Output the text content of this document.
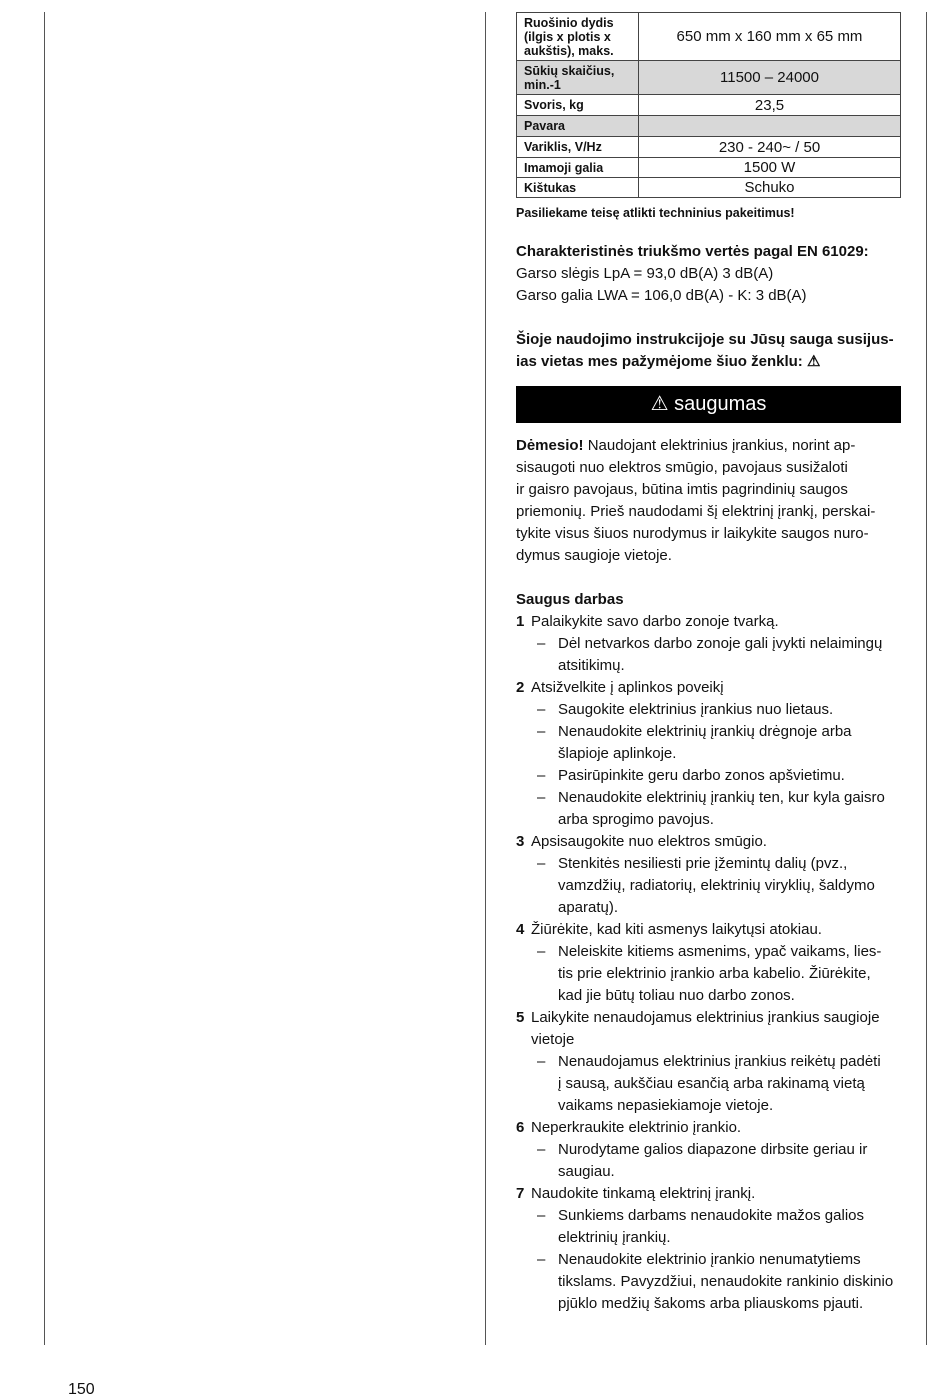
150
Ruošinio dydis (ilgis x plotis x aukštis), maks.	650 mm x 160 mm x 65 mm
Sūkių skaičius, min.-1	11500 – 24000
Svoris, kg	23,5
Pavara	
Variklis, V/Hz	230 - 240~ / 50
Imamoji galia	1500 W
Kištukas	Schuko
Pasiliekame teisę atlikti techninius pakeitimus!
Charakteristinės triukšmo vertės pagal EN 61029:
Garso slėgis LpA = 93,0 dB(A) 3 dB(A)
Garso galia LWA = 106,0 dB(A) - K: 3 dB(A)
Šioje naudojimo instrukcijoje su Jūsų sauga susijus-
ias vietas mes pažymėjome šiuo ženklu: ⚠
⚠ saugumas
Dėmesio! Naudojant elektrinius įrankius, norint ap-
sisaugoti nuo elektros smūgio, pavojaus susižaloti
ir gaisro pavojaus, būtina imtis pagrindinių saugos
priemonių. Prieš naudodami šį elektrinį įrankį, perskai-
tykite visus šiuos nurodymus ir laikykite saugos nuro-
dymus saugioje vietoje.
Saugus darbas
1 Palaikykite savo darbo zonoje tvarką.
– Dėl netvarkos darbo zonoje gali įvykti nelaimingų
atsitikimų.
2 Atsižvelkite į aplinkos poveikį
– Saugokite elektrinius įrankius nuo lietaus.
– Nenaudokite elektrinių įrankių drėgnoje arba
šlapioje aplinkoje.
– Pasirūpinkite geru darbo zonos apšvietimu.
– Nenaudokite elektrinių įrankių ten, kur kyla gaisro
arba sprogimo pavojus.
3 Apsisaugokite nuo elektros smūgio.
– Stenkitės nesiliesti prie įžemintų dalių (pvz.,
vamzdžių, radiatorių, elektrinių viryklių, šaldymo
aparatų).
4 Žiūrėkite, kad kiti asmenys laikytųsi atokiau.
– Neleiskite kitiems asmenims, ypač vaikams, lies-
tis prie elektrinio įrankio arba kabelio. Žiūrėkite,
kad jie būtų toliau nuo darbo zonos.
5 Laikykite nenaudojamus elektrinius įrankius saugioje
vietoje
– Nenaudojamus elektrinius įrankius reikėtų padėti
į sausą, aukščiau esančią arba rakinamą vietą
vaikams nepasiekiamoje vietoje.
6 Neperkraukite elektrinio įrankio.
– Nurodytame galios diapazone dirbsite geriau ir
saugiau.
7 Naudokite tinkamą elektrinį įrankį.
– Sunkiems darbams nenaudokite mažos galios
elektrinių įrankių.
– Nenaudokite elektrinio įrankio nenumatytiems
tikslams. Pavyzdžiui, nenaudokite rankinio diskinio
pjūklo medžių šakoms arba pliauskoms pjauti.
